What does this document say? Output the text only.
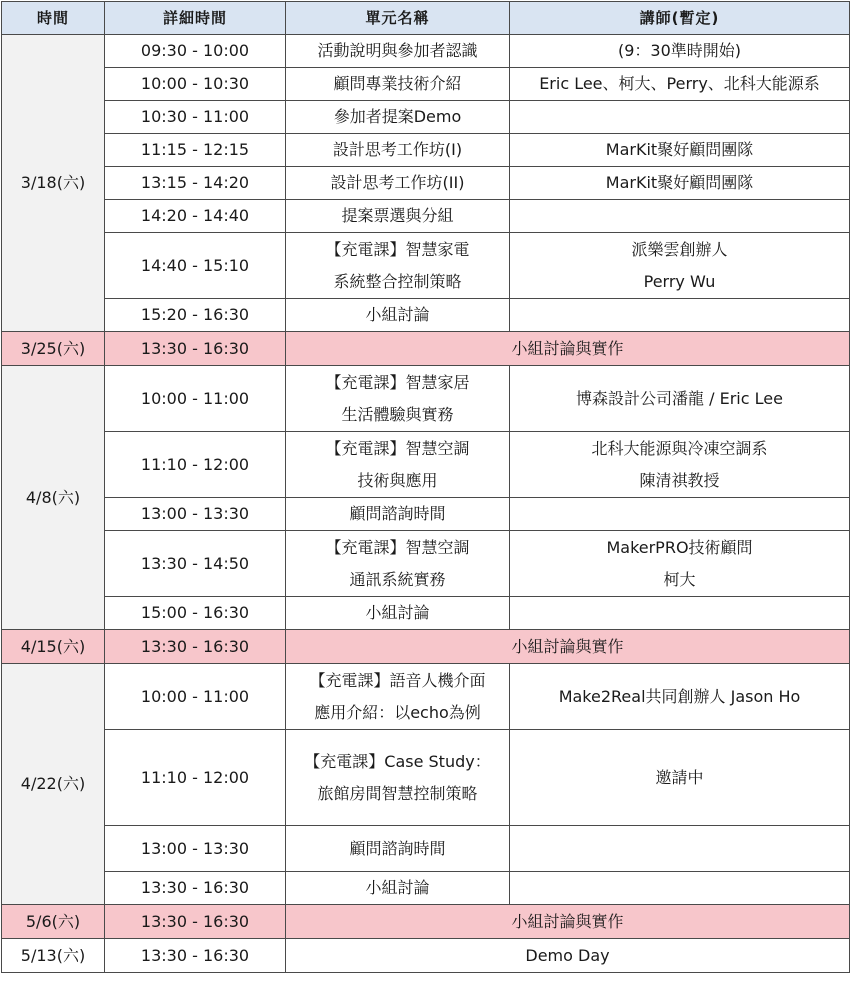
時間	詳細時間	單元名稱	講師(暫定)

3/18(六)	09:30 - 10:00	活動說明與參加者認識	(9：30準時開始)

	10:00 - 10:30	顧問專業技術介紹	Eric Lee、柯大、Perry、北科大能源系

	10:30 - 11:00	參加者提案Demo	

	11:15 - 12:15	設計思考工作坊(I)	MarKit聚好顧問團隊

	13:15 - 14:20	設計思考工作坊(II)	MarKit聚好顧問團隊

	14:20 - 14:40	提案票選與分組	

	14:40 - 15:10	【充電課】智慧家電
系統整合控制策略	派樂雲創辦人
Perry Wu

	15:20 - 16:30	小組討論	

3/25(六)	13:30 - 16:30	小組討論與實作	

4/8(六)	10:00 - 11:00	【充電課】智慧家居
生活體驗與實務	博森設計公司潘龍 / Eric Lee

	11:10 - 12:00	【充電課】智慧空調
技術與應用	北科大能源與冷凍空調系
陳清祺教授

	13:00 - 13:30	顧問諮詢時間	

	13:30 - 14:50	【充電課】智慧空調
通訊系統實務	MakerPRO技術顧問
柯大

	15:00 - 16:30	小組討論	

4/15(六)	13:30 - 16:30	小組討論與實作	

4/22(六)	10:00 - 11:00	【充電課】語音人機介面
應用介紹：以echo為例	Make2Real共同創辦人 Jason Ho

	11:10 - 12:00	【充電課】Case Study：
旅館房間智慧控制策略	邀請中

	13:00 - 13:30	顧問諮詢時間	

	13:30 - 16:30	小組討論	

5/6(六)	13:30 - 16:30	小組討論與實作	

5/13(六)	13:30 - 16:30	Demo Day	
